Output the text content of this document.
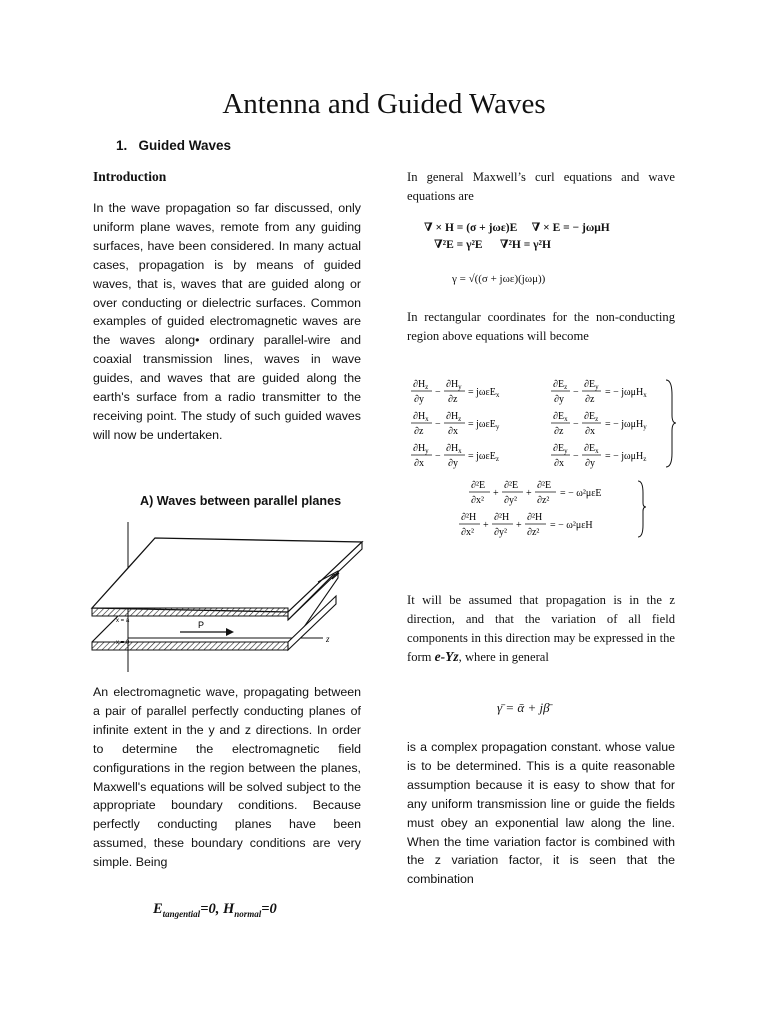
Antenna and Guided Waves
1. Guided Waves
Introduction

In the wave propagation so far discussed, only uniform plane waves, remote from any guiding surfaces, have been considered. In many actual cases, propagation is by means of guided waves, that is, waves that are guided along or over conducting or dielectric surfaces. Common examples of guided electromagnetic waves are the waves along• ordinary parallel-wire and coaxial transmission lines, waves in wave guides, and waves that are guided along the earth's surface from a radio transmitter to the receiving point. The study of such guided waves will now be undertaken.

A) Waves between parallel planes
P
z
x = a
x = 0

An electromagnetic wave, propagating between a pair of parallel perfectly conducting planes of infinite extent in the y and z directions. In order to determine the electromagnetic field configurations in the region between the planes, Maxwell's equations will be solved subject to the appropriate boundary conditions. Because perfectly conducting planes have been assumed, these boundary conditions are very simple. Being

$E_{tangential}=0$, $H_{normal}=0$

In general Maxwell’s curl equations and wave equations are

∇ × H = (σ + jωε)E ∇ × E = − jωμH
∇²E = γ²E ∇²H = γ²H
γ = √((σ + jωε)(jωμ))

In rectangular coordinates for the non-conducting region above equations will become

$\partial H_z$
∂y
−
$\partial H_y$
∂z
= jωεE$_x$
$\partial E_z$
∂y
−
$\partial E_y$
∂z
= − jωμH$_x$
$\partial H_x$
∂z
−
$\partial H_z$
∂x
= jωεE$_y$
$\partial E_x$
∂z
−
$\partial E_z$
∂x
= − jωμH$_y$
$\partial H_y$
∂x
−
$\partial H_x$
∂y
= jωεE$_z$
$\partial E_y$
∂x
−
$\partial E_x$
∂y
= − jωμH$_z$
∂²E
∂x²
+
∂²E
∂y²
+
∂²E
∂z²
= − ω²μεE
∂²H
∂x²
+
∂²H
∂y²
+
∂²H
∂z²
= − ω²μεH

It will be assumed that propagation is in the z direction, and that the variation of all field components in this direction may be expressed in the form e-Yz, where in general

γ̄ = ᾱ + jβ̄

is a complex propagation constant. whose value is to be determined. This is a quite reasonable assumption because it is easy to show that for any uniform transmission line or guide the fields must obey an exponential law along the line. When the time variation factor is combined with the z variation factor, it is seen that the combination
